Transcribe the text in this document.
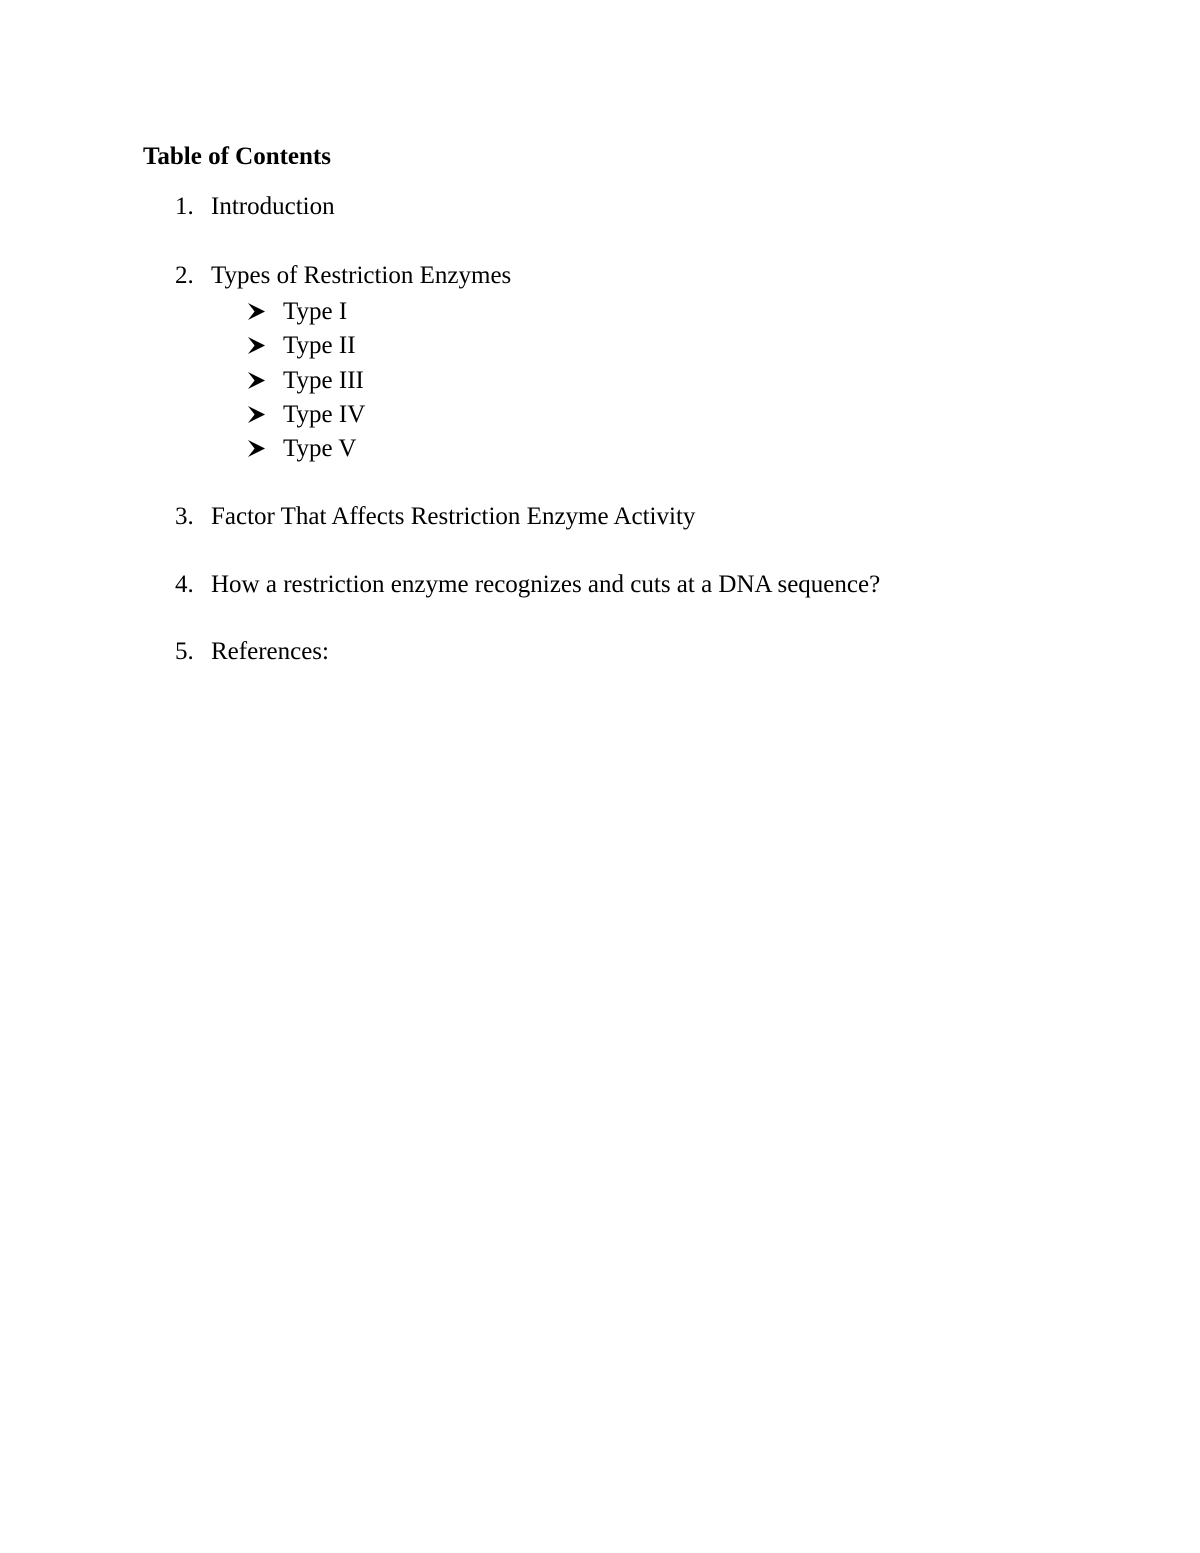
Table of Contents
1. Introduction
2. Types of Restriction Enzymes
Type I
Type II
Type III
Type IV
Type V
3. Factor That Affects Restriction Enzyme Activity
4. How a restriction enzyme recognizes and cuts at a DNA sequence?
5. References:
